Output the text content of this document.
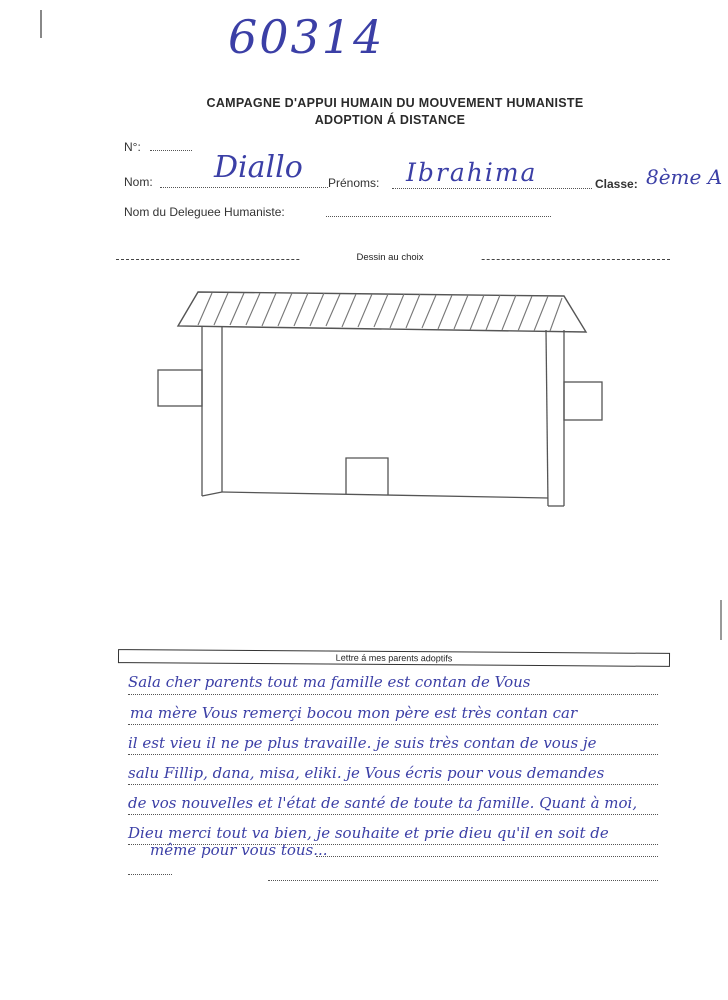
60314
CAMPAGNE D'APPUI HUMAIN DU MOUVEMENT HUMANISTE
ADOPTION Á DISTANCE
N°:
Nom: Diallo Prénoms: Ibrahima	Classe: 8ème A
Nom du Deleguee Humaniste:
Dessin au choix
Lettre á mes parents adoptifs
Sala cher parents tout ma famille est contan de Vous
ma mère Vous remerçi bocou mon père est très contan car
il est vieu il ne pe plus travaille. je suis très contan de vous je
salu Fillip, dana, misa, eliki. je Vous écris pour vous demandes
de vos nouvelles et l'état de santé de toute ta famille. Quant à moi,
Dieu merci tout va bien, je souhaite et prie dieu qu'il en soit de
même pour vous tous...
